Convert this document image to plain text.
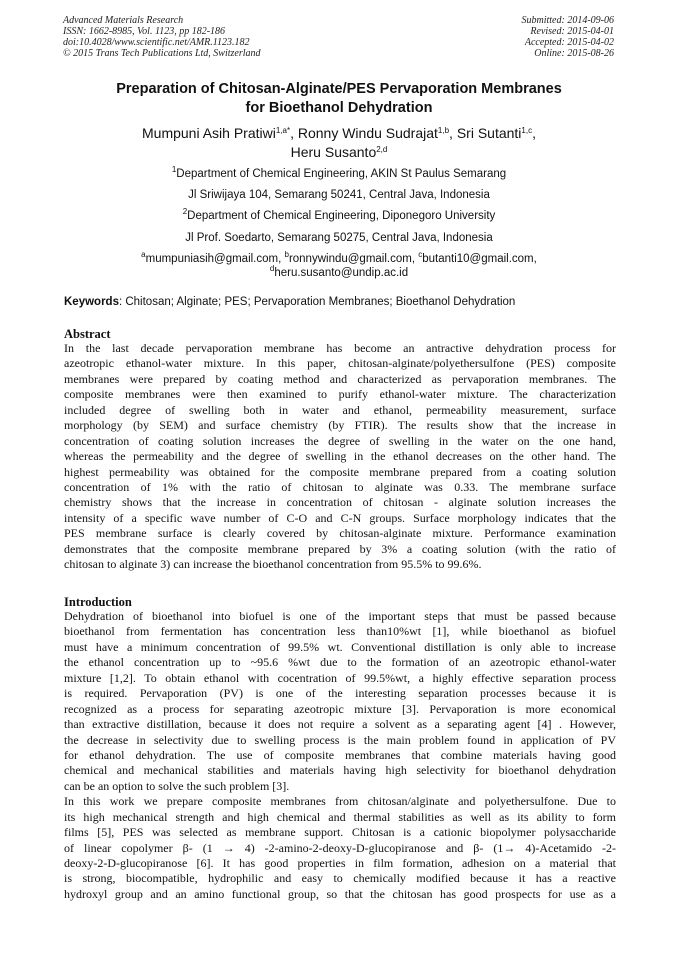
Advanced Materials Research
ISSN: 1662-8985, Vol. 1123, pp 182-186
doi:10.4028/www.scientific.net/AMR.1123.182
© 2015 Trans Tech Publications Ltd, Switzerland
Submitted: 2014-09-06
Revised: 2015-04-01
Accepted: 2015-04-02
Online: 2015-08-26
Preparation of Chitosan-Alginate/PES Pervaporation Membranes
for Bioethanol Dehydration
Mumpuni Asih Pratiwi$^{1,a*}$, Ronny Windu Sudrajat$^{1,b}$, Sri Sutanti$^{1,c}$,
Heru Susanto$^{2,d}$
$^1$Department of Chemical Engineering, AKIN St Paulus Semarang
Jl Sriwijaya 104, Semarang 50241, Central Java, Indonesia
$^2$Department of Chemical Engineering, Diponegoro University
Jl Prof. Soedarto, Semarang 50275, Central Java, Indonesia
$^a$mumpuniasih@gmail.com, $^b$ronnywindu@gmail.com, $^c$butanti10@gmail.com,
$^d$heru.susanto@undip.ac.id
Keywords: Chitosan; Alginate; PES; Pervaporation Membranes; Bioethanol Dehydration
Abstract
In the last decade pervaporation membrane has become an antractive dehydration process for
azeotropic ethanol-water mixture. In this paper, chitosan-alginate/polyethersulfone (PES) composite
membranes were prepared by coating method and characterized as pervaporation membranes. The
composite membranes were then examined to purify ethanol-water mixture. The characterization
included degree of swelling both in water and ethanol, permeability measurement, surface
morphology (by SEM) and surface chemistry (by FTIR). The results show that the increase in
concentration of coating solution increases the degree of swelling in the water on the one hand,
whereas the permeability and the degree of swelling in the ethanol decreases on the other hand. The
highest permeability was obtained for the composite membrane prepared from a coating solution
concentration of 1% with the ratio of chitosan to alginate was 0.33. The membrane surface
chemistry shows that the increase in concentration of chitosan - alginate solution increases the
intensity of a specific wave number of C-O and C-N groups. Surface morphology indicates that the
PES membrane surface is clearly covered by chitosan-alginate mixture. Performance examination
demonstrates that the composite membrane prepared by 3% a coating solution (with the ratio of
chitosan to alginate 3) can increase the bioethanol concentration from 95.5% to 99.6%.
Introduction
Dehydration of bioethanol into biofuel is one of the important steps that must be passed because
bioethanol from fermentation has concentration less than10%wt [1], while bioethanol as biofuel
must have a minimum concentration of 99.5% wt. Conventional distillation is only able to increase
the ethanol concentration up to ~95.6 %wt due to the formation of an azeotropic ethanol-water
mixture [1,2]. To obtain ethanol with cocentration of 99.5%wt, a highly effective separation process
is required. Pervaporation (PV) is one of the interesting separation processes because it is
recognized as a process for separating azeotropic mixture [3]. Pervaporation is more economical
than extractive distillation, because it does not require a solvent as a separating agent [4] . However,
the decrease in selectivity due to swelling process is the main problem found in application of PV
for ethanol dehydration. The use of composite membranes that combine materials having good
chemical and mechanical stabilities and materials having high selectivity for bioethanol dehydration
can be an option to solve the such problem [3].
In this work we prepare composite membranes from chitosan/alginate and polyethersulfone. Due to
its high mechanical strength and high chemical and thermal stabilities as well as its ability to form
films [5], PES was selected as membrane support. Chitosan is a cationic biopolymer polysaccharide
of linear copolymer β- (1 → 4) -2-amino-2-deoxy-D-glucopiranose and β- (1→ 4)-Acetamido -2-
deoxy-2-D-glucopiranose [6]. It has good properties in film formation, adhesion on a material that
is strong, biocompatible, hydrophilic and easy to chemically modified because it has a reactive
hydroxyl group and an amino functional group, so that the chitosan has good prospects for use as a
